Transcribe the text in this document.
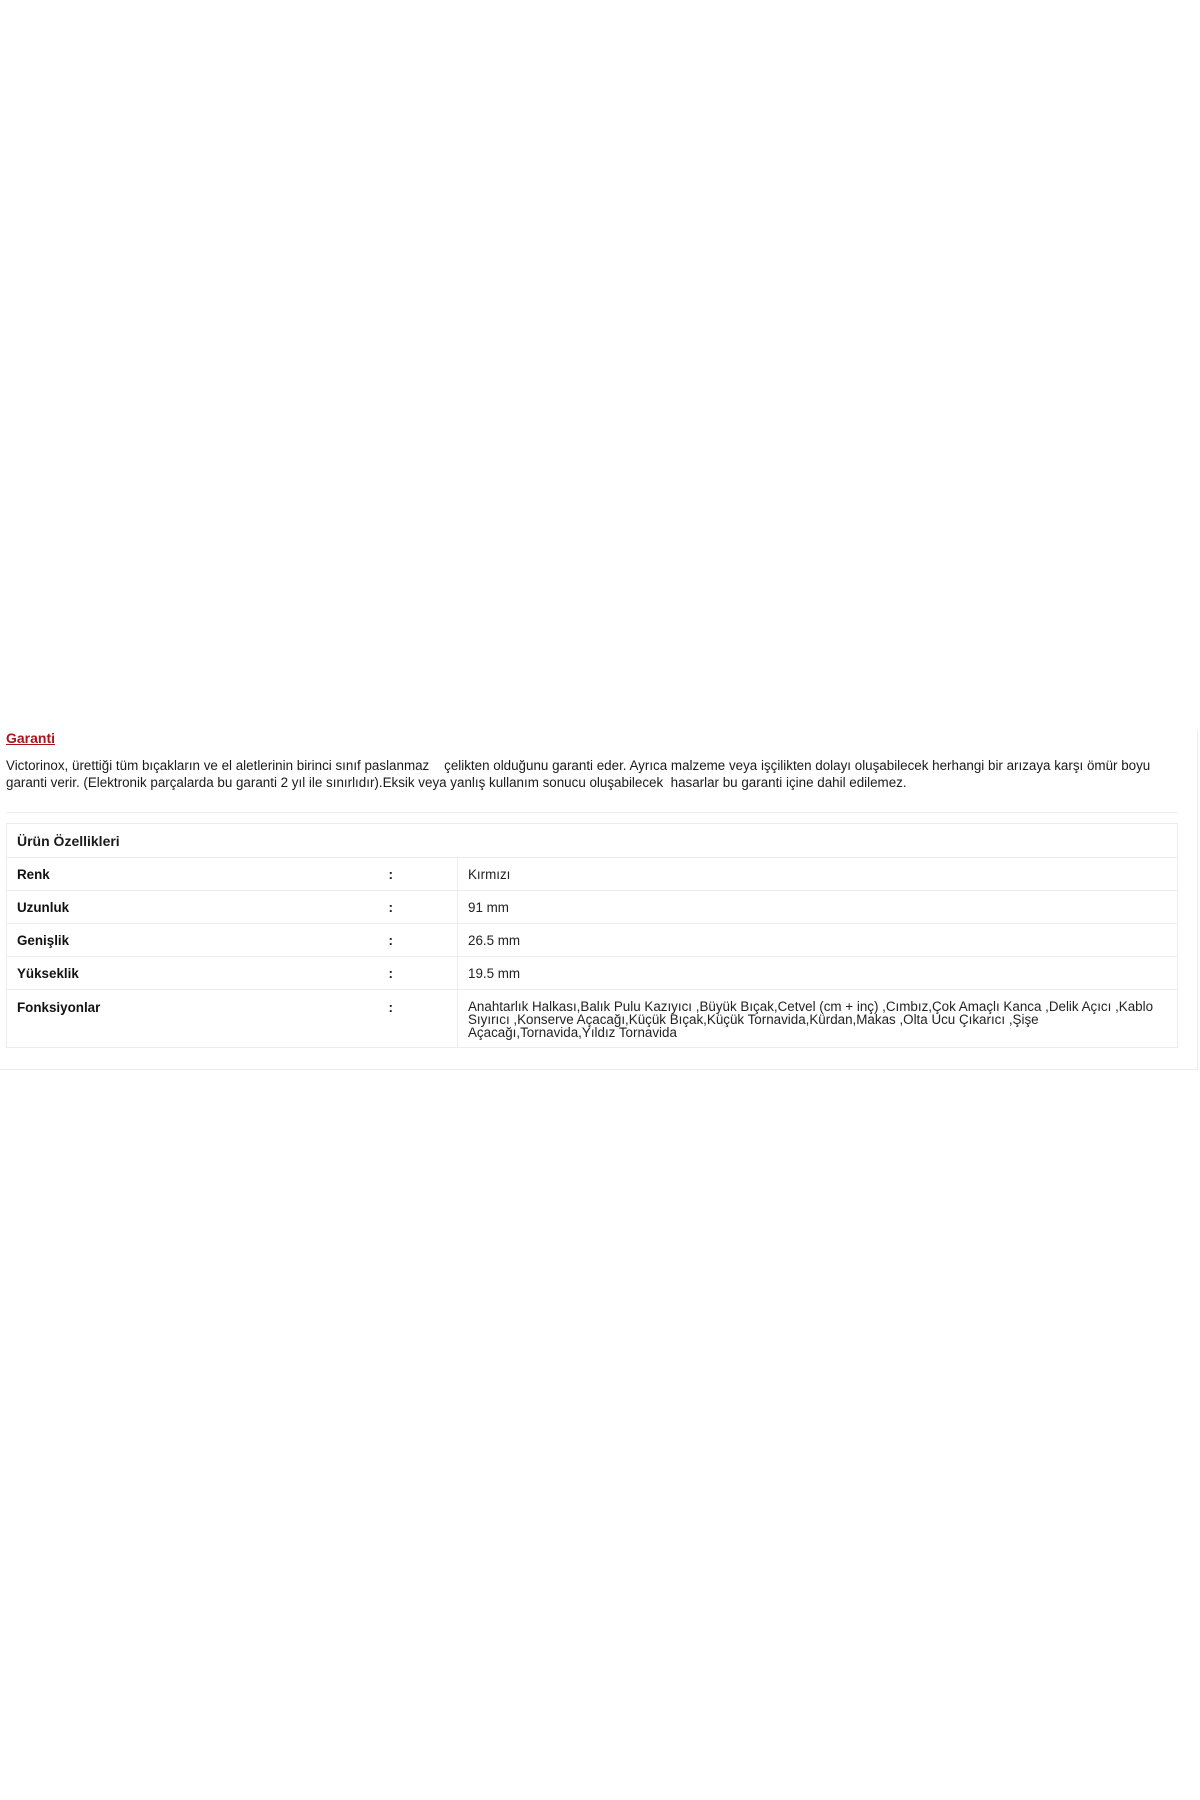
Garanti
Victorinox, ürettiği tüm bıçakların ve el aletlerinin birinci sınıf paslanmaz    çelikten olduğunu garanti eder. Ayrıca malzeme veya işçilikten dolayı oluşabilecek herhangi bir arızaya karşı ömür boyu garanti verir. (Elektronik parçalarda bu garanti 2 yıl ile sınırlıdır).Eksik veya yanlış kullanım sonucu oluşabilecek  hasarlar bu garanti içine dahil edilemez.
Ürün Özellikleri		
Renk	:	Kırmızı
Uzunluk	:	91 mm
Genişlik	:	26.5 mm
Yükseklik	:	19.5 mm
Fonksiyonlar	:	Anahtarlık Halkası,Balık Pulu Kazıyıcı ,Büyük Bıçak,Cetvel (cm + inç) ,Cımbız,Çok Amaçlı Kanca ,Delik Açıcı ,Kablo Sıyırıcı ,Konserve Açacağı,Küçük Bıçak,Küçük Tornavida,Kürdan,Makas ,Olta Ucu Çıkarıcı ,Şişe Açacağı,Tornavida,Yıldız Tornavida
